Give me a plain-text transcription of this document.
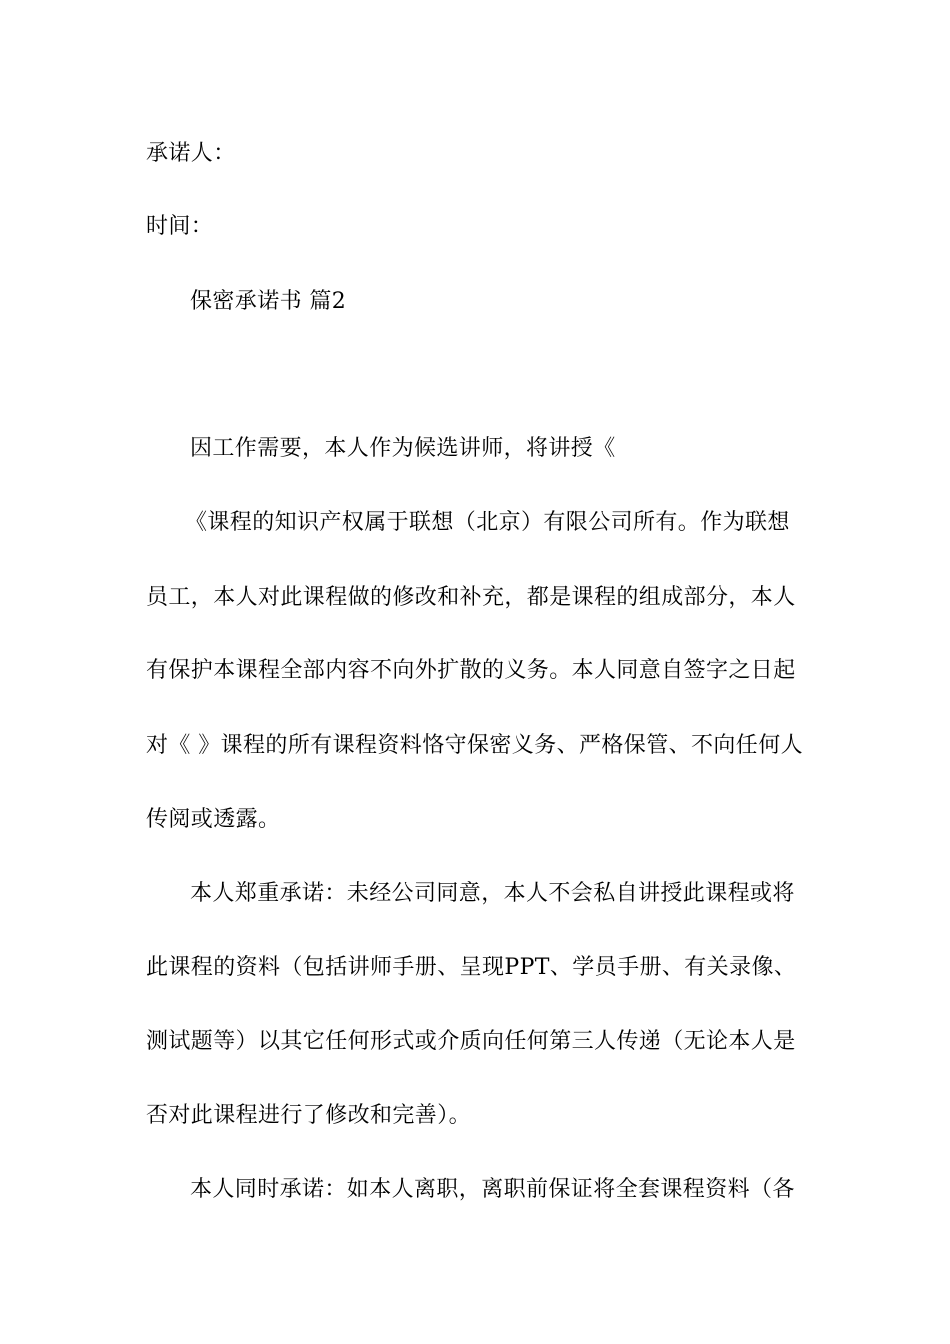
承诺人：
时间：
保密承诺书 篇2
因工作需要，本人作为候选讲师，将讲授《
《课程的知识产权属于联想（北京）有限公司所有。作为联想
员工，本人对此课程做的修改和补充，都是课程的组成部分，本人
有保护本课程全部内容不向外扩散的义务。本人同意自签字之日起
对《 》课程的所有课程资料恪守保密义务、严格保管、不向任何人
传阅或透露。
本人郑重承诺：未经公司同意，本人不会私自讲授此课程或将
此课程的资料（包括讲师手册、呈现PPT、学员手册、有关录像、
测试题等）以其它任何形式或介质向任何第三人传递（无论本人是
否对此课程进行了修改和完善）。
本人同时承诺：如本人离职，离职前保证将全套课程资料（各
